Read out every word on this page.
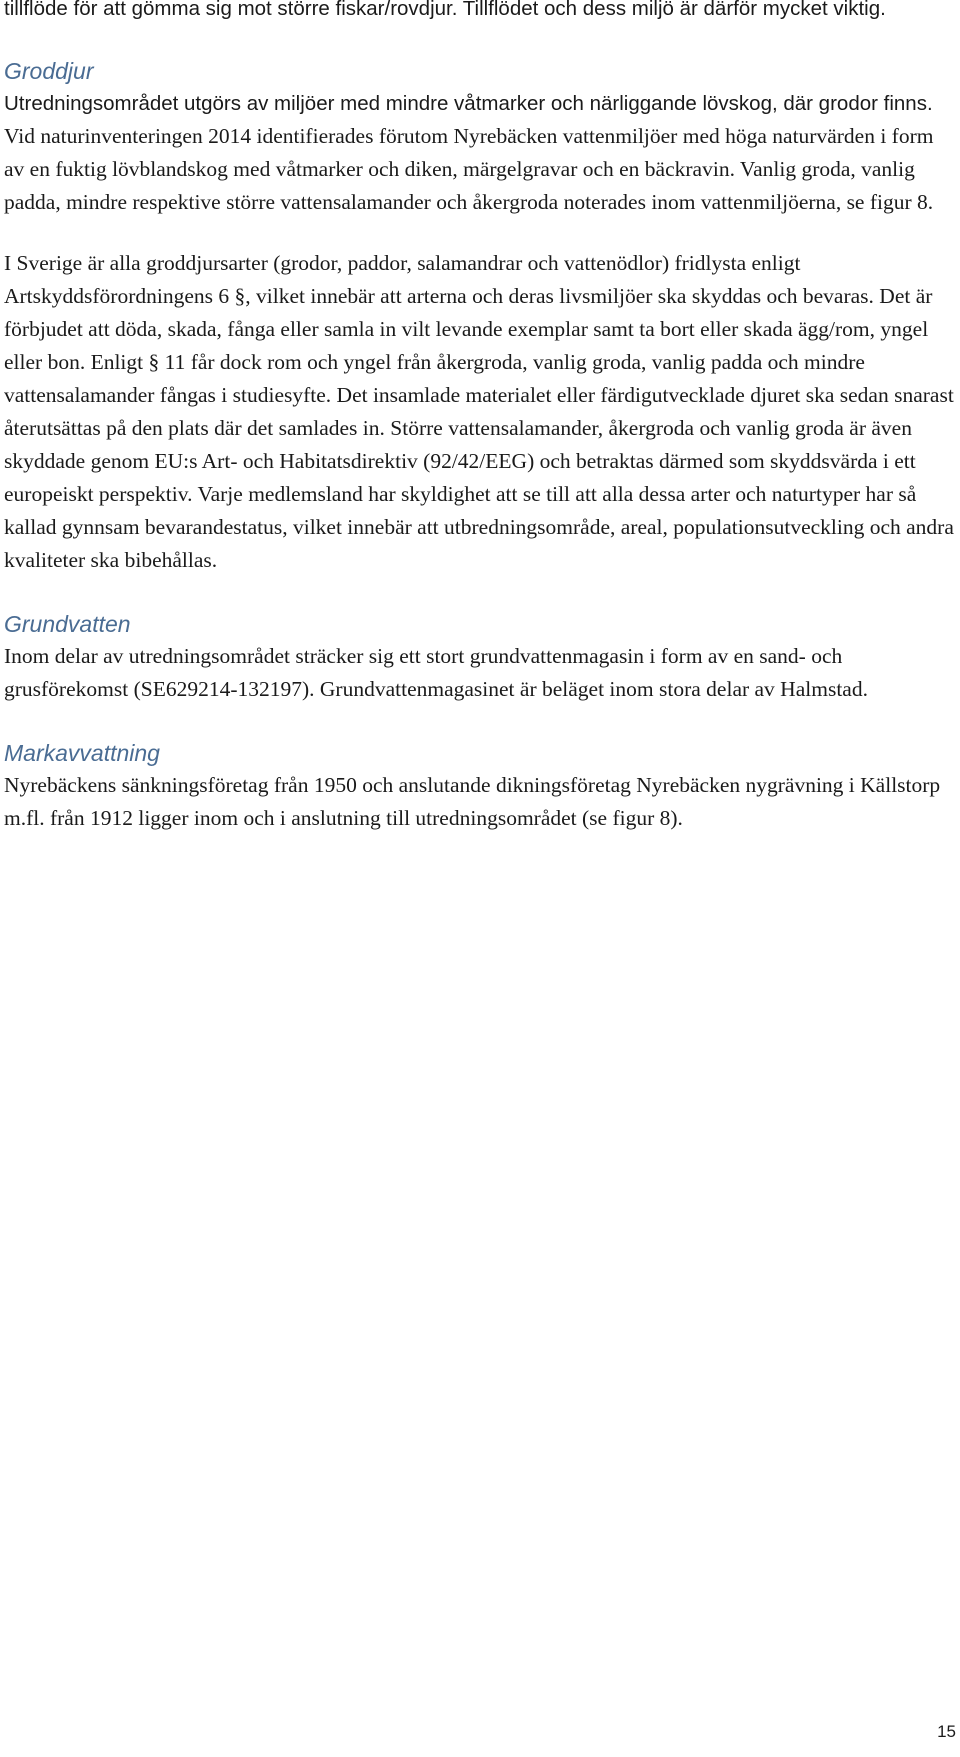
tillflöde för att gömma sig mot större fiskar/rovdjur. Tillflödet och dess miljö är därför mycket viktig.

Groddjur

Utredningsområdet utgörs av miljöer med mindre våtmarker och närliggande lövskog, där grodor finns. Vid naturinventeringen 2014 identifierades förutom Nyrebäcken vattenmiljöer med höga naturvärden i form av en fuktig lövblandskog med våtmarker och diken, märgelgravar och en bäckravin. Vanlig groda, vanlig padda, mindre respektive större vattensalamander och åkergroda noterades inom vattenmiljöerna, se figur 8.

I Sverige är alla groddjursarter (grodor, paddor, salamandrar och vattenödlor) fridlysta enligt Artskyddsförordningens 6 §, vilket innebär att arterna och deras livsmiljöer ska skyddas och bevaras. Det är förbjudet att döda, skada, fånga eller samla in vilt levande exemplar samt ta bort eller skada ägg/rom, yngel eller bon. Enligt § 11 får dock rom och yngel från åkergroda, vanlig groda, vanlig padda och mindre vattensalamander fångas i studiesyfte. Det insamlade materialet eller färdigutvecklade djuret ska sedan snarast återutsättas på den plats där det samlades in. Större vattensalamander, åkergroda och vanlig groda är även skyddade genom EU:s Art- och Habitatsdirektiv (92/42/EEG) och betraktas därmed som skyddsvärda i ett europeiskt perspektiv. Varje medlemsland har skyldighet att se till att alla dessa arter och naturtyper har så kallad gynnsam bevarandestatus, vilket innebär att utbredningsområde, areal, populationsutveckling och andra kvaliteter ska bibehållas.

Grundvatten

Inom delar av utredningsområdet sträcker sig ett stort grundvattenmagasin i form av en sand- och grusförekomst (SE629214-132197). Grundvattenmagasinet är beläget inom stora delar av Halmstad.

Markavvattning

Nyrebäckens sänkningsföretag från 1950 och anslutande dikningsföretag Nyrebäcken nygrävning i Källstorp m.fl. från 1912 ligger inom och i anslutning till utredningsområdet (se figur 8).

15
